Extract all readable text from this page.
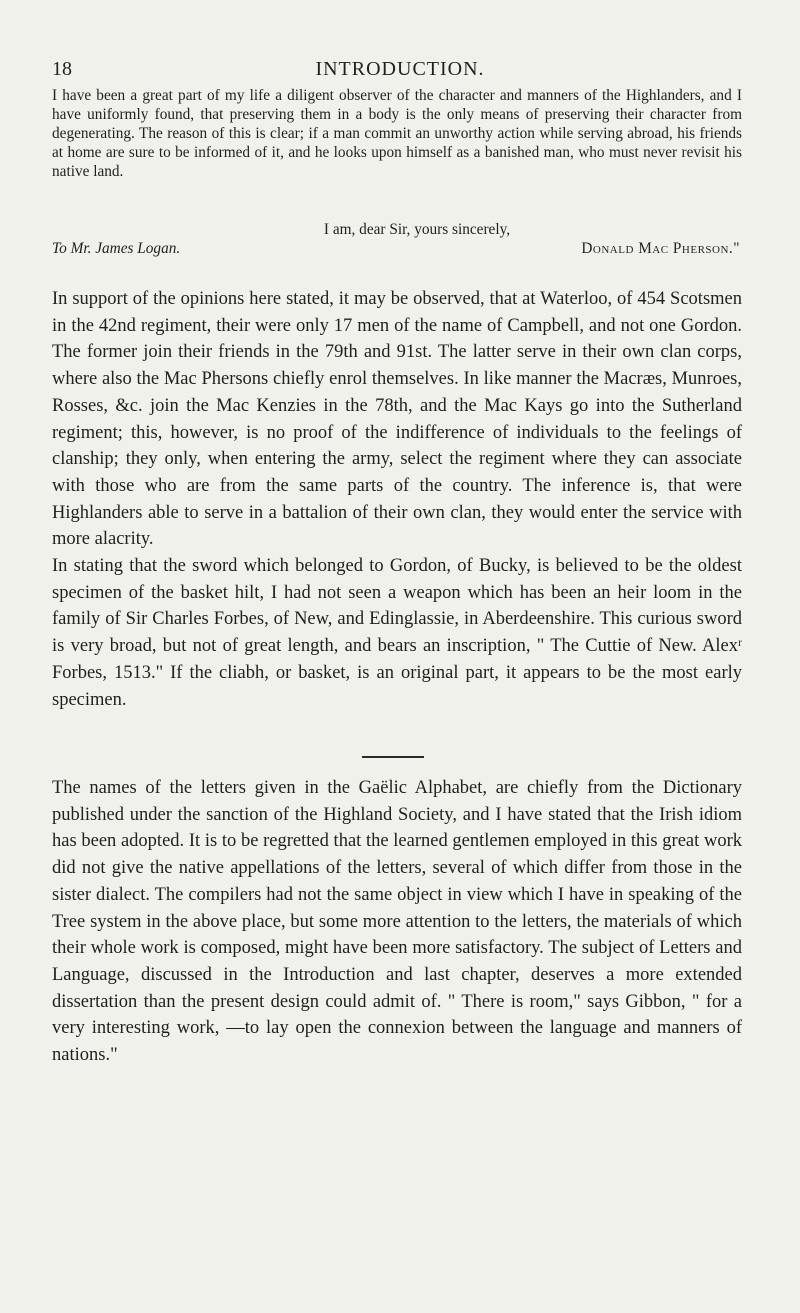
18	INTRODUCTION.

I have been a great part of my life a diligent observer of the character and manners of the Highlanders, and I have uniformly found, that preserving them in a body is the only means of preserving their character from degenerating. The reason of this is clear; if a man commit an unworthy action while serving abroad, his friends at home are sure to be informed of it, and he looks upon himself as a banished man, who must never revisit his native land.

I am, dear Sir, yours sincerely,
To Mr. James Logan.	Donald Mac Pherson."

In support of the opinions here stated, it may be observed, that at Waterloo, of 454 Scotsmen in the 42nd regiment, their were only 17 men of the name of Campbell, and not one Gordon. The former join their friends in the 79th and 91st. The latter serve in their own clan corps, where also the Mac Phersons chiefly enrol themselves. In like manner the Macræs, Munroes, Rosses, &c. join the Mac Kenzies in the 78th, and the Mac Kays go into the Sutherland regiment; this, however, is no proof of the indifference of individuals to the feelings of clanship; they only, when entering the army, select the regiment where they can associate with those who are from the same parts of the country. The inference is, that were Highlanders able to serve in a battalion of their own clan, they would enter the service with more alacrity.

In stating that the sword which belonged to Gordon, of Bucky, is believed to be the oldest specimen of the basket hilt, I had not seen a weapon which has been an heir loom in the family of Sir Charles Forbes, of New, and Edinglassie, in Aberdeenshire. This curious sword is very broad, but not of great length, and bears an inscription, " The Cuttie of New. Alexʳ Forbes, 1513." If the cliabh, or basket, is an original part, it appears to be the most early specimen.

The names of the letters given in the Gaëlic Alphabet, are chiefly from the Dictionary published under the sanction of the Highland Society, and I have stated that the Irish idiom has been adopted. It is to be regretted that the learned gentlemen employed in this great work did not give the native appellations of the letters, several of which differ from those in the sister dialect. The compilers had not the same object in view which I have in speaking of the Tree system in the above place, but some more attention to the letters, the materials of which their whole work is composed, might have been more satisfactory. The subject of Letters and Language, discussed in the Introduction and last chapter, deserves a more extended dissertation than the present design could admit of. " There is room," says Gibbon, " for a very interesting work, —to lay open the connexion between the language and manners of nations."
